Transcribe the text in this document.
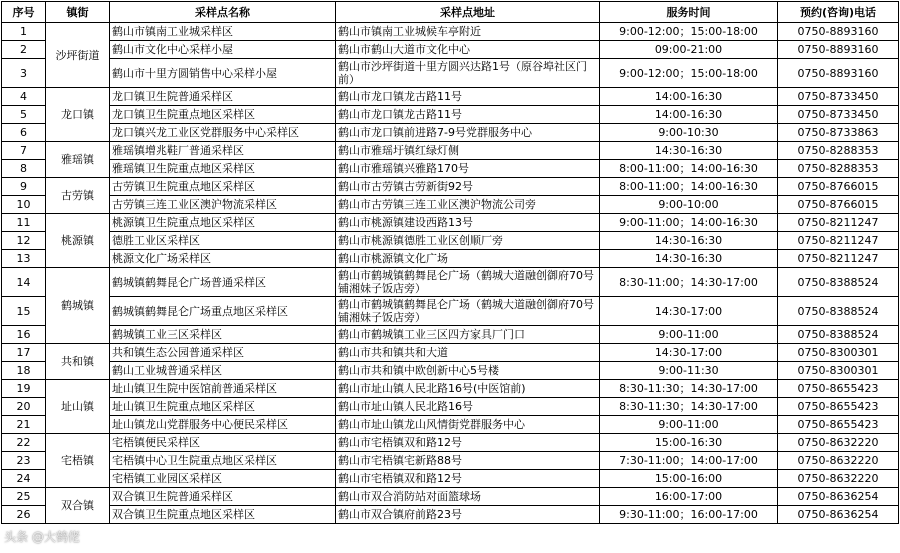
序号	镇街	采样点名称	采样点地址	服务时间	预约(咨询)电话
1	沙坪街道	鹤山市镇南工业城采样区	鹤山市镇南工业城候车亭附近	9:00-12:00；15:00-18:00	0750-8893160
2		鹤山市文化中心采样小屋	鹤山市鹤山大道市文化中心	09:00-21:00	0750-8893160
3		鹤山市十里方圆销售中心采样小屋	鹤山市沙坪街道十里方圆兴达路1号（原谷埠社区门前）	9:00-12:00；15:00-18:00	0750-8893160
4	龙口镇	龙口镇卫生院普通采样区	鹤山市龙口镇龙古路11号	14:00-16:30	0750-8733450
5		龙口镇卫生院重点地区采样区	鹤山市龙口镇龙古路11号	14:00-16:30	0750-8733450
6		龙口镇兴龙工业区党群服务中心采样区	鹤山市龙口镇前进路7-9号党群服务中心	9:00-10:30	0750-8733863
7	雅瑶镇	雅瑶镇增兆鞋厂普通采样区	鹤山市雅瑶圩镇红绿灯侧	14:30-16:30	0750-8288353
8		雅瑶镇卫生院重点地区采样区	鹤山市雅瑶镇兴雅路170号	8:00-11:00；14:00-16:30	0750-8288353
9	古劳镇	古劳镇卫生院重点地区采样区	鹤山市古劳镇古劳新街92号	8:00-11:00；14:00-16:30	0750-8766015
10		古劳镇三连工业区澳沪物流采样区	鹤山市古劳镇三连工业区澳沪物流公司旁	9:00-10:00	0750-8766015
11	桃源镇	桃源镇卫生院重点地区采样区	鹤山市桃源镇建设西路13号	9:00-11:00；14:00-16:30	0750-8211247
12		德胜工业区采样区	鹤山市桃源镇德胜工业区创顺厂旁	14:30-16:30	0750-8211247
13		桃源文化广场采样区	鹤山市桃源镇文化广场	14:30-16:30	0750-8211247
14	鹤城镇	鹤城镇鹤舞昆仑广场普通采样区	鹤山市鹤城镇鹤舞昆仑广场（鹤城大道融创御府70号铺湘妹子饭店旁）	8:30-11:00；14:30-17:00	0750-8388524
15		鹤城镇鹤舞昆仑广场重点地区采样区	鹤山市鹤城镇鹤舞昆仑广场（鹤城大道融创御府70号铺湘妹子饭店旁）	14:30-17:00	0750-8388524
16		鹤城镇工业三区采样区	鹤山市鹤城镇工业三区四方家具厂门口	9:00-11:00	0750-8388524
17	共和镇	共和镇生态公园普通采样区	鹤山市共和镇共和大道	14:30-17:00	0750-8300301
18		鹤山工业城普通采样区	鹤山市共和镇中欧创新中心5号楼	9:00-11:30	0750-8300301
19	址山镇	址山镇卫生院中医馆前普通采样区	鹤山市址山镇人民北路16号(中医馆前)	8:30-11:30；14:30-17:00	0750-8655423
20		址山镇卫生院重点地区采样区	鹤山市址山镇人民北路16号	8:30-11:30；14:30-17:00	0750-8655423
21		址山镇龙山党群服务中心便民采样区	鹤山市址山镇龙山风情街党群服务中心	9:00-11:00	0750-8655423
22	宅梧镇	宅梧镇便民采样区	鹤山市宅梧镇双和路12号	15:00-16:30	0750-8632220
23		宅梧镇中心卫生院重点地区采样区	鹤山市宅梧镇宅新路88号	7:30-11:00；14:00-17:00	0750-8632220
24		宅梧镇工业园区采样区	鹤山市宅梧镇双和路12号	15:00-16:00	0750-8632220
25	双合镇	双合镇卫生院普通采样区	鹤山市双合消防站对面篮球场	16:00-17:00	0750-8636254
26		双合镇卫生院重点地区采样区	鹤山市双合镇府前路23号	9:30-11:00；16:00-17:00	0750-8636254
头条 @大鹤佬
